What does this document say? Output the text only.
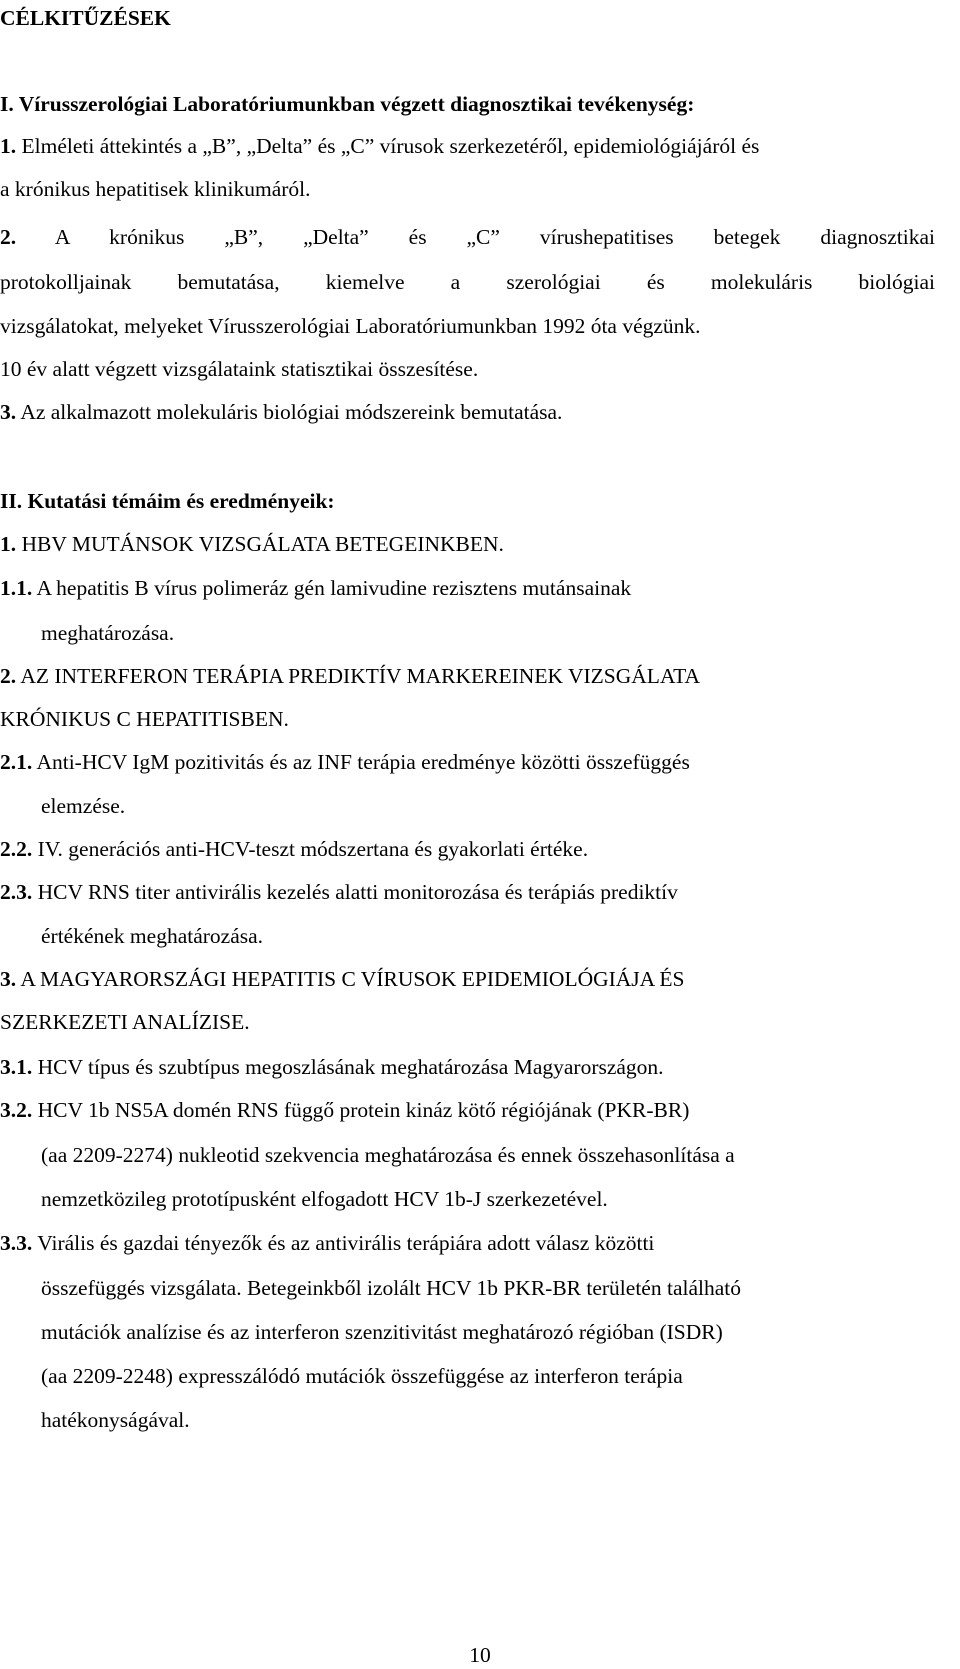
CÉLKITŰZÉSEK
I. Vírusszerológiai Laboratóriumunkban végzett diagnosztikai tevékenység:
1. Elméleti áttekintés a „B”, „Delta” és „C” vírusok szerkezetéről, epidemiológiájáról és
a krónikus hepatitisek klinikumáról.
2. A krónikus „B”, „Delta” és „C” vírushepatitises betegek diagnosztikai
protokolljainak bemutatása, kiemelve a szerológiai és molekuláris biológiai
vizsgálatokat, melyeket Vírusszerológiai Laboratóriumunkban 1992 óta végzünk.
10 év alatt végzett vizsgálataink statisztikai összesítése.
3. Az alkalmazott molekuláris biológiai módszereink bemutatása.
II. Kutatási témáim és eredményeik:
1. HBV MUTÁNSOK VIZSGÁLATA BETEGEINKBEN.
1.1. A hepatitis B vírus polimeráz gén lamivudine rezisztens mutánsainak
meghatározása.
2. AZ INTERFERON TERÁPIA PREDIKTÍV MARKEREINEK VIZSGÁLATA
KRÓNIKUS C HEPATITISBEN.
2.1. Anti-HCV IgM pozitivitás és az INF terápia eredménye közötti összefüggés
elemzése.
2.2. IV. generációs anti-HCV-teszt módszertana és gyakorlati értéke.
2.3. HCV RNS titer antivirális kezelés alatti monitorozása és terápiás prediktív
értékének meghatározása.
3. A MAGYARORSZÁGI HEPATITIS C VÍRUSOK EPIDEMIOLÓGIÁJA ÉS
SZERKEZETI ANALÍZISE.
3.1. HCV típus és szubtípus megoszlásának meghatározása Magyarországon.
3.2. HCV 1b NS5A domén RNS függő protein kináz kötő régiójának (PKR-BR)
(aa 2209-2274) nukleotid szekvencia meghatározása és ennek összehasonlítása a
nemzetközileg prototípusként elfogadott HCV 1b-J szerkezetével.
3.3. Virális és gazdai tényezők és az antivirális terápiára adott válasz közötti
összefüggés vizsgálata. Betegeinkből izolált HCV 1b PKR-BR területén található
mutációk analízise és az interferon szenzitivitást meghatározó régióban (ISDR)
(aa 2209-2248) expresszálódó mutációk összefüggése az interferon terápia
hatékonyságával.
10
